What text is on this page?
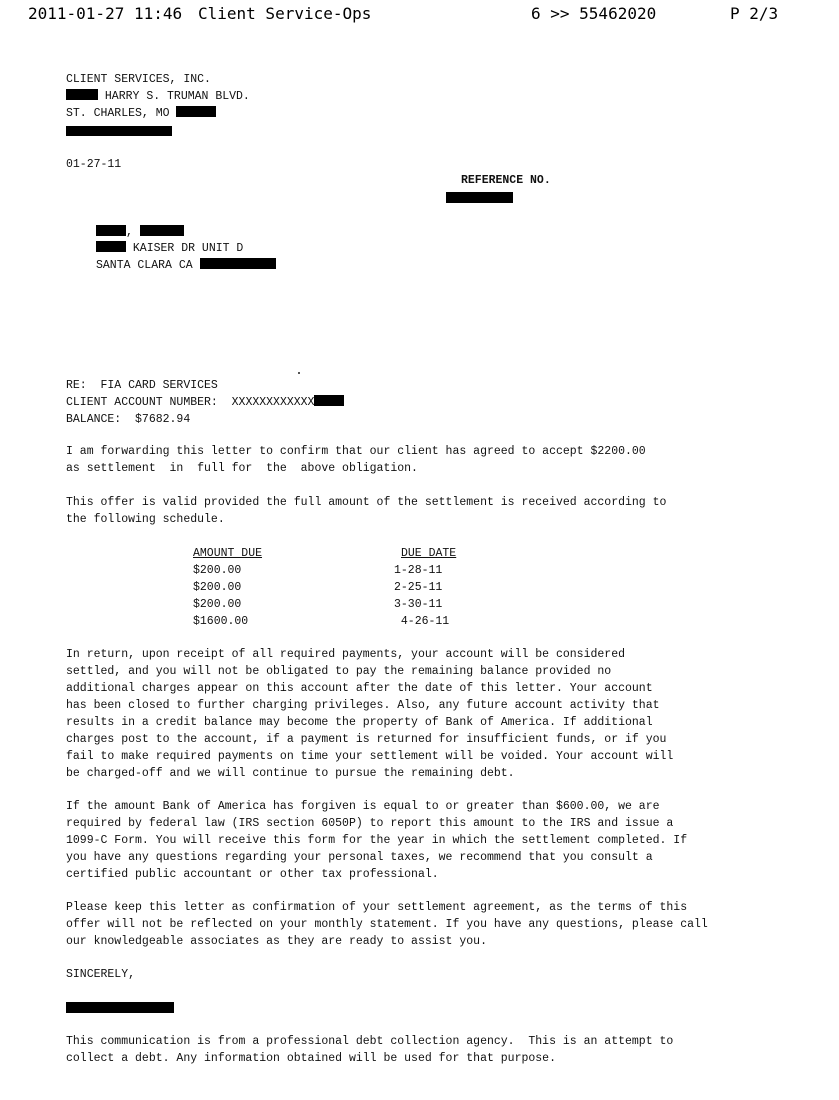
2011-01-27 11:46 Client Service-Ops	6 >> 55462020	P 2/3
CLIENT SERVICES, INC.
HARRY S. TRUMAN BLVD.
ST. CHARLES, MO
01-27-11
REFERENCE NO.
,
KAISER DR UNIT D
SANTA CLARA CA
RE:  FIA CARD SERVICES
CLIENT ACCOUNT NUMBER: XXXXXXXXXXXX
BALANCE:  $7682.94
I am forwarding this letter to confirm that our client has agreed to accept $2200.00
as settlement  in  full for  the  above obligation.
This offer is valid provided the full amount of the settlement is received according to
the following schedule.
AMOUNT DUE	DUE DATE
$200.00	1-28-11
$200.00	2-25-11
$200.00	3-30-11
$1600.00	4-26-11
In return, upon receipt of all required payments, your account will be considered
settled, and you will not be obligated to pay the remaining balance provided no
additional charges appear on this account after the date of this letter. Your account
has been closed to further charging privileges. Also, any future account activity that
results in a credit balance may become the property of Bank of America. If additional
charges post to the account, if a payment is returned for insufficient funds, or if you
fail to make required payments on time your settlement will be voided. Your account will
be charged-off and we will continue to pursue the remaining debt.
If the amount Bank of America has forgiven is equal to or greater than $600.00, we are
required by federal law (IRS section 6050P) to report this amount to the IRS and issue a
1099-C Form. You will receive this form for the year in which the settlement completed. If
you have any questions regarding your personal taxes, we recommend that you consult a
certified public accountant or other tax professional.
Please keep this letter as confirmation of your settlement agreement, as the terms of this
offer will not be reflected on your monthly statement. If you have any questions, please call
our knowledgeable associates as they are ready to assist you.
SINCERELY,
This communication is from a professional debt collection agency.  This is an attempt to
collect a debt. Any information obtained will be used for that purpose.
